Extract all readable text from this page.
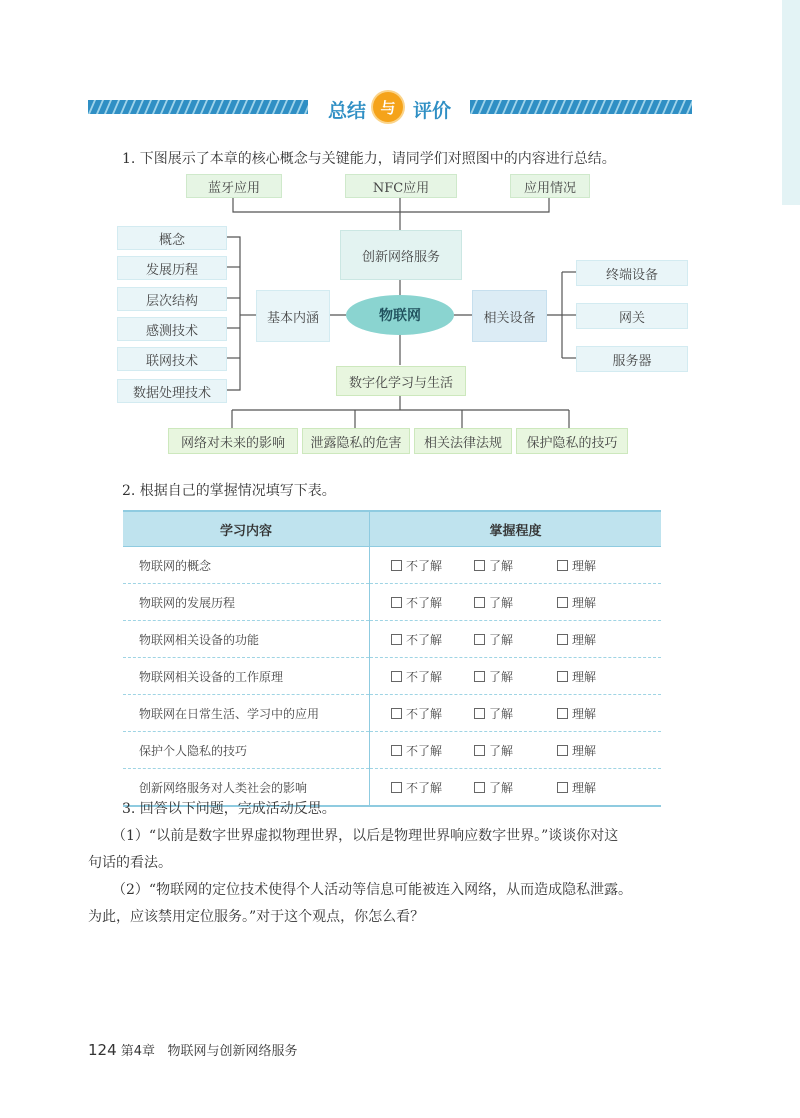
总结 与 评价
1. 下图展示了本章的核心概念与关键能力，请同学们对照图中的内容进行总结。
蓝牙应用	NFC应用	应用情况
创新网络服务
概念
发展历程
层次结构
感测技术
联网技术
数据处理技术
基本内涵	物联网	相关设备
终端设备
网关
服务器
数字化学习与生活
网络对未来的影响	泄露隐私的危害	相关法律法规	保护隐私的技巧
2. 根据自己的掌握情况填写下表。
学习内容	掌握程度
物联网的概念	不了解 了解 理解

物联网的发展历程	不了解 了解 理解

物联网相关设备的功能	不了解 了解 理解

物联网相关设备的工作原理	不了解 了解 理解

物联网在日常生活、学习中的应用	不了解 了解 理解

保护个人隐私的技巧	不了解 了解 理解

创新网络服务对人类社会的影响	不了解 了解 理解
3. 回答以下问题，完成活动反思。
（1）“以前是数字世界虚拟物理世界，以后是物理世界响应数字世界。”谈谈你对这
句话的看法。
（2）“物联网的定位技术使得个人活动等信息可能被连入网络，从而造成隐私泄露。
为此，应该禁用定位服务。”对于这个观点，你怎么看？
124 第4章 物联网与创新网络服务
